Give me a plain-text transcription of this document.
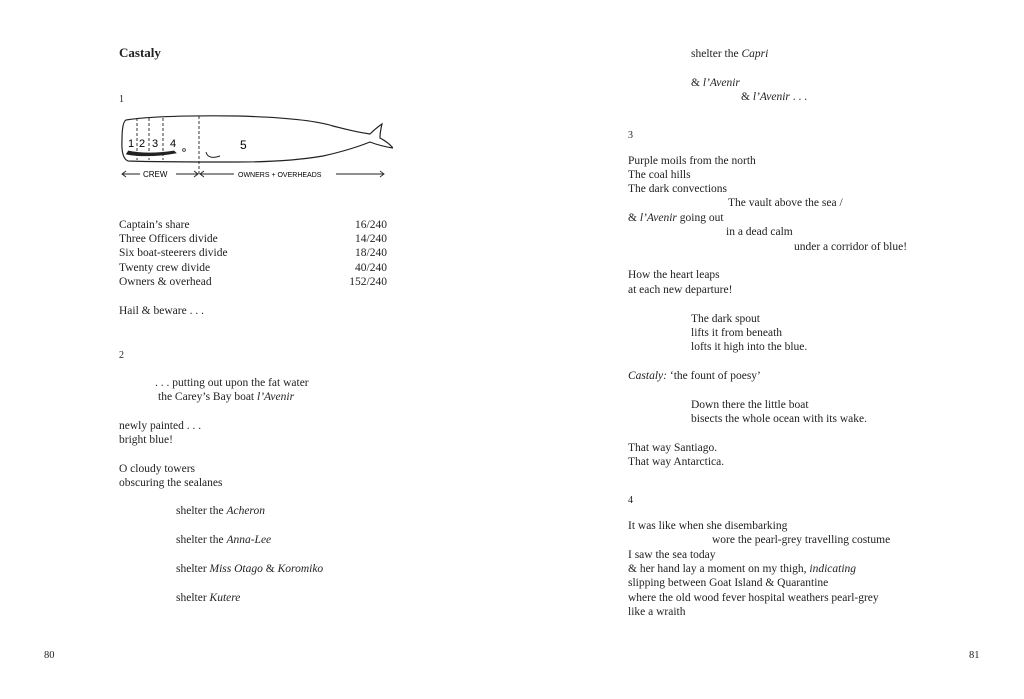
Castaly
1
1 2 3 4	5
CREW	OWNERS + OVERHEADS
Captain’s share	16/240
Three Officers divide	14/240
Six boat-steerers divide	18/240
Twenty crew divide	40/240
Owners & overhead	152/240
Hail & beware . . .
2
. . . putting out upon the fat water
the Carey’s Bay boat l’Avenir
newly painted . . .
bright blue!
O cloudy towers
obscuring the sealanes
shelter the Acheron
shelter the Anna-Lee
shelter Miss Otago & Koromiko
shelter Kutere
80
shelter the Capri
& l’Avenir
& l’Avenir . . .
3
Purple moils from the north
The coal hills
The dark convections
The vault above the sea /
& l’Avenir going out
in a dead calm
under a corridor of blue!
How the heart leaps
at each new departure!
The dark spout
lifts it from beneath
lofts it high into the blue.
Castaly: ‘the fount of poesy’
Down there the little boat
bisects the whole ocean with its wake.
That way Santiago.
That way Antarctica.
4
It was like when she disembarking
wore the pearl-grey travelling costume
I saw the sea today
& her hand lay a moment on my thigh, indicating
slipping between Goat Island & Quarantine
where the old wood fever hospital weathers pearl-grey
like a wraith
81
